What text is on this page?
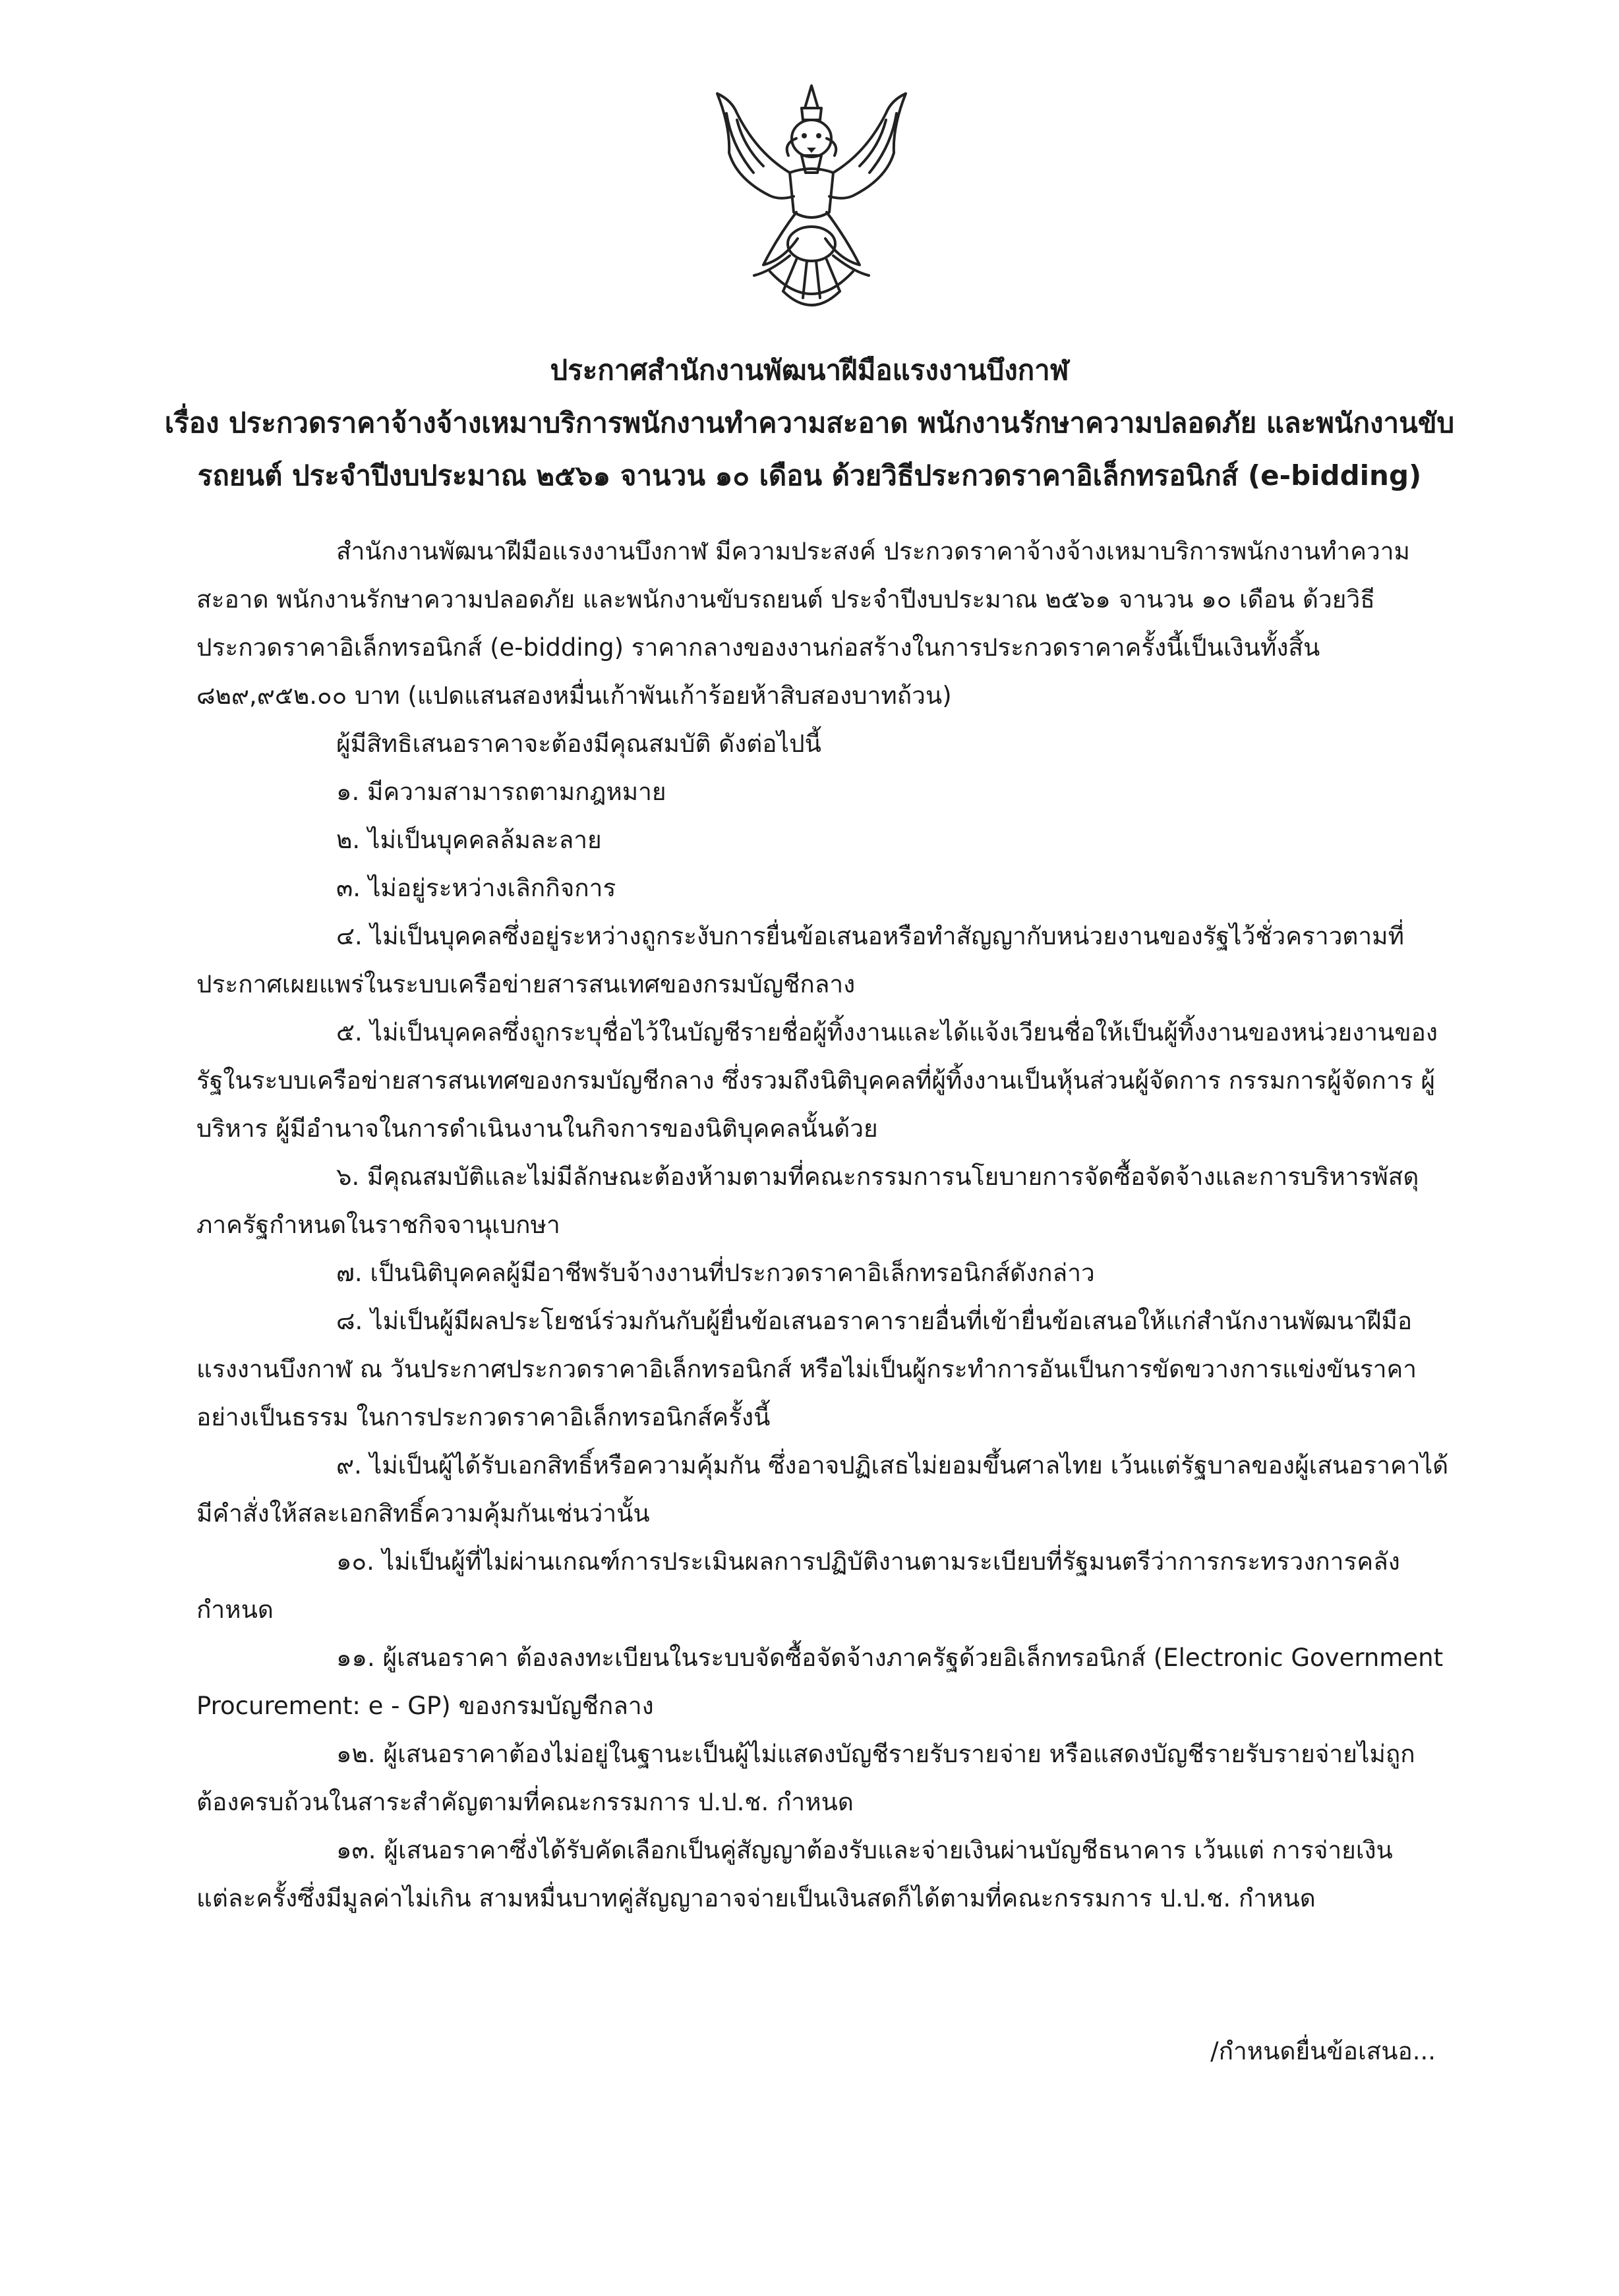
ประกาศสำนักงานพัฒนาฝีมือแรงงานบึงกาฬ
เรื่อง ประกวดราคาจ้างจ้างเหมาบริการพนักงานทำความสะอาด พนักงานรักษาความปลอดภัย และพนักงานขับ
รถยนต์ ประจำปีงบประมาณ ๒๕๖๑ จานวน ๑๐ เดือน ด้วยวิธีประกวดราคาอิเล็กทรอนิกส์ (e-bidding)

สำนักงานพัฒนาฝีมือแรงงานบึงกาฬ มีความประสงค์ ประกวดราคาจ้างจ้างเหมาบริการพนักงานทำความสะอาด พนักงานรักษาความปลอดภัย และพนักงานขับรถยนต์ ประจำปีงบประมาณ ๒๕๖๑ จานวน ๑๐ เดือน ด้วยวิธีประกวดราคาอิเล็กทรอนิกส์ (e-bidding) ราคากลางของงานก่อสร้างในการประกวดราคาครั้งนี้เป็นเงินทั้งสิ้น ๘๒๙,๙๕๒.๐๐ บาท (แปดแสนสองหมื่นเก้าพันเก้าร้อยห้าสิบสองบาทถ้วน)

ผู้มีสิทธิเสนอราคาจะต้องมีคุณสมบัติ ดังต่อไปนี้

๑. มีความสามารถตามกฎหมาย

๒. ไม่เป็นบุคคลล้มละลาย

๓. ไม่อยู่ระหว่างเลิกกิจการ

๔. ไม่เป็นบุคคลซึ่งอยู่ระหว่างถูกระงับการยื่นข้อเสนอหรือทำสัญญากับหน่วยงานของรัฐไว้ชั่วคราวตามที่ประกาศเผยแพร่ในระบบเครือข่ายสารสนเทศของกรมบัญชีกลาง

๕. ไม่เป็นบุคคลซึ่งถูกระบุชื่อไว้ในบัญชีรายชื่อผู้ทิ้งงานและได้แจ้งเวียนชื่อให้เป็นผู้ทิ้งงานของหน่วยงานของรัฐในระบบเครือข่ายสารสนเทศของกรมบัญชีกลาง ซึ่งรวมถึงนิติบุคคลที่ผู้ทิ้งงานเป็นหุ้นส่วนผู้จัดการ กรรมการผู้จัดการ ผู้บริหาร ผู้มีอำนาจในการดำเนินงานในกิจการของนิติบุคคลนั้นด้วย

๖. มีคุณสมบัติและไม่มีลักษณะต้องห้ามตามที่คณะกรรมการนโยบายการจัดซื้อจัดจ้างและการบริหารพัสดุภาครัฐกำหนดในราชกิจจานุเบกษา

๗. เป็นนิติบุคคลผู้มีอาชีพรับจ้างงานที่ประกวดราคาอิเล็กทรอนิกส์ดังกล่าว

๘. ไม่เป็นผู้มีผลประโยชน์ร่วมกันกับผู้ยื่นข้อเสนอราคารายอื่นที่เข้ายื่นข้อเสนอให้แก่สำนักงานพัฒนาฝีมือแรงงานบึงกาฬ ณ วันประกาศประกวดราคาอิเล็กทรอนิกส์ หรือไม่เป็นผู้กระทำการอันเป็นการขัดขวางการแข่งขันราคาอย่างเป็นธรรม ในการประกวดราคาอิเล็กทรอนิกส์ครั้งนี้

๙. ไม่เป็นผู้ได้รับเอกสิทธิ์หรือความคุ้มกัน ซึ่งอาจปฏิเสธไม่ยอมขึ้นศาลไทย เว้นแต่รัฐบาลของผู้เสนอราคาได้มีคำสั่งให้สละเอกสิทธิ์ความคุ้มกันเช่นว่านั้น

๑๐. ไม่เป็นผู้ที่ไม่ผ่านเกณฑ์การประเมินผลการปฏิบัติงานตามระเบียบที่รัฐมนตรีว่าการกระทรวงการคลังกำหนด

๑๑. ผู้เสนอราคา ต้องลงทะเบียนในระบบจัดซื้อจัดจ้างภาครัฐด้วยอิเล็กทรอนิกส์ (Electronic Government Procurement: e - GP) ของกรมบัญชีกลาง

๑๒. ผู้เสนอราคาต้องไม่อยู่ในฐานะเป็นผู้ไม่แสดงบัญชีรายรับรายจ่าย หรือแสดงบัญชีรายรับรายจ่ายไม่ถูกต้องครบถ้วนในสาระสำคัญตามที่คณะกรรมการ ป.ป.ช. กำหนด

๑๓. ผู้เสนอราคาซึ่งได้รับคัดเลือกเป็นคู่สัญญาต้องรับและจ่ายเงินผ่านบัญชีธนาคาร เว้นแต่ การจ่ายเงินแต่ละครั้งซึ่งมีมูลค่าไม่เกิน สามหมื่นบาทคู่สัญญาอาจจ่ายเป็นเงินสดก็ได้ตามที่คณะกรรมการ ป.ป.ช. กำหนด

/กำหนดยื่นข้อเสนอ...
